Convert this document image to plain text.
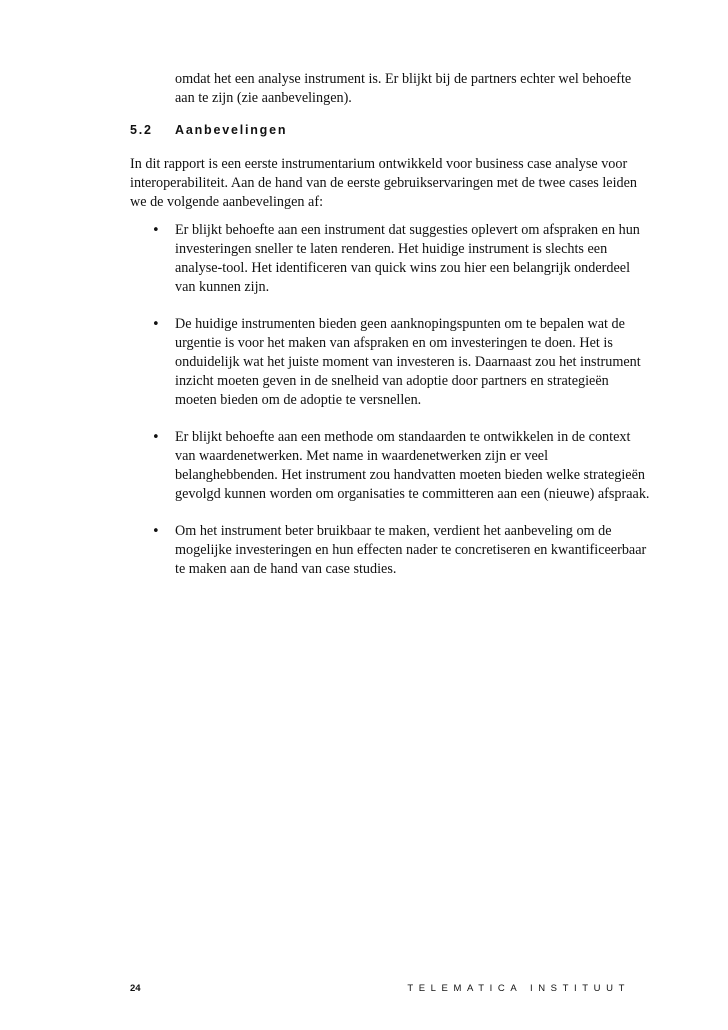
omdat het een analyse instrument is. Er blijkt bij de partners echter wel behoefte aan te zijn (zie aanbevelingen).

5.2 Aanbevelingen

In dit rapport is een eerste instrumentarium ontwikkeld voor business case analyse voor interoperabiliteit. Aan de hand van de eerste gebruikservaringen met de twee cases leiden we de volgende aanbevelingen af:

• Er blijkt behoefte aan een instrument dat suggesties oplevert om afspraken en hun investeringen sneller te laten renderen. Het huidige instrument is slechts een analyse-tool. Het identificeren van quick wins zou hier een belangrijk onderdeel van kunnen zijn.
• De huidige instrumenten bieden geen aanknopingspunten om te bepalen wat de urgentie is voor het maken van afspraken en om investeringen te doen. Het is onduidelijk wat het juiste moment van investeren is. Daarnaast zou het instrument inzicht moeten geven in de snelheid van adoptie door partners en strategieën moeten bieden om de adoptie te versnellen.
• Er blijkt behoefte aan een methode om standaarden te ontwikkelen in de context van waardenetwerken. Met name in waardenetwerken zijn er veel belanghebbenden. Het instrument zou handvatten moeten bieden welke strategieën gevolgd kunnen worden om organisaties te committeren aan een (nieuwe) afspraak.
• Om het instrument beter bruikbaar te maken, verdient het aanbeveling om de mogelijke investeringen en hun effecten nader te concretiseren en kwantificeerbaar te maken aan de hand van case studies.
24	TELEMATICA INSTITUUT
